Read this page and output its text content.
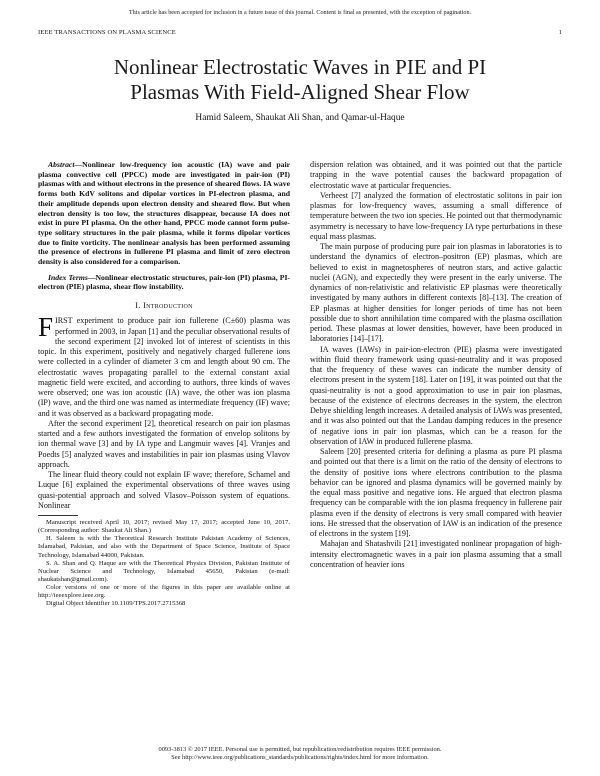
This article has been accepted for inclusion in a future issue of this journal. Content is final as presented, with the exception of pagination.
IEEE TRANSACTIONS ON PLASMA SCIENCE	1
Nonlinear Electrostatic Waves in PIE and PI
Plasmas With Field-Aligned Shear Flow
Hamid Saleem, Shaukat Ali Shan, and Qamar-ul-Haque

Abstract—Nonlinear low-frequency ion acoustic (IA) wave and pair plasma convective cell (PPCC) mode are investigated in pair-ion (PI) plasmas with and without electrons in the presence of sheared flows. IA wave forms both KdV solitons and dipolar vortices in PI-electron plasma, and their amplitude depends upon electron density and sheared flow. But when electron density is too low, the structures disappear, because IA does not exist in pure PI plasma. On the other hand, PPCC mode cannot form pulse-type solitary structures in the pair plasma, while it forms dipolar vortices due to finite vorticity. The nonlinear analysis has been performed assuming the presence of electrons in fullerene PI plasma and limit of zero electron density is also considered for a comparison.

Index Terms—Nonlinear electrostatic structures, pair-ion (PI) plasma, PI-electron (PIE) plasma, shear flow instability.

I. Introduction

FIRST experiment to produce pair ion fullerene (C±60) plasma was performed in 2003, in Japan [1] and the peculiar observational results of the second experiment [2] invoked lot of interest of scientists in this topic. In this experiment, positively and negatively charged fullerene ions were collected in a cylinder of diameter 3 cm and length about 90 cm. The electrostatic waves propagating parallel to the external constant axial magnetic field were excited, and according to authors, three kinds of waves were observed; one was ion acoustic (IA) wave, the other was ion plasma (IP) wave, and the third one was named as intermediate frequency (IF) wave; and it was observed as a backward propagating mode.

After the second experiment [2], theoretical research on pair ion plasmas started and a few authors investigated the formation of envelop solitons by ion thermal wave [3] and by IA type and Langmuir waves [4]. Vranjes and Poedts [5] analyzed waves and instabilities in pair ion plasmas using Vlavov approach.

The linear fluid theory could not explain IF wave; therefore, Schamel and Luque [6] explained the experimental observations of three waves using quasi-potential approach and solved Vlasov–Poisson system of equations. Nonlinear

Manuscript received April 10, 2017; revised May 17, 2017; accepted June 10, 2017. (Corresponding author: Shaukat Ali Shan.)

H. Saleem is with the Theoretical Research Institute Pakistan Academy of Sciences, Islamabad, Pakistan, and also with the Department of Space Science, Institute of Space Technology, Islamabad 44000, Pakistan.

S. A. Shan and Q. Haque are with the Theoretical Physics Division, Pakistan Institute of Nuclear Science and Technology, Islamabad 45650, Pakistan (e-mail: shaukatshan@gmail.com).

Color versions of one or more of the figures in this paper are available online at http://ieeexplore.ieee.org.

Digital Object Identifier 10.1109/TPS.2017.2715368

dispersion relation was obtained, and it was pointed out that the particle trapping in the wave potential causes the backward propagation of electrostatic wave at particular frequencies.

Verheest [7] analyzed the formation of electrostatic solitons in pair ion plasmas for low-frequency waves, assuming a small difference of temperature between the two ion species. He pointed out that thermodynamic asymmetry is necessary to have low-frequency IA type perturbations in these equal mass plasmas.

The main purpose of producing pure pair ion plasmas in laboratories is to understand the dynamics of electron–positron (EP) plasmas, which are believed to exist in magnetospheres of neutron stars, and active galactic nuclei (AGN), and expectedly they were present in the early universe. The dynamics of non-relativistic and relativistic EP plasmas were theoretically investigated by many authors in different contexts [8]–[13]. The creation of EP plasmas at higher densities for longer periods of time has not been possible due to short annihilation time compared with the plasma oscillation period. These plasmas at lower densities, however, have been produced in laboratories [14]–[17].

IA waves (IAWs) in pair-ion-electron (PIE) plasma were investigated within fluid theory framework using quasi-neutrality and it was proposed that the frequency of these waves can indicate the number density of electrons present in the system [18]. Later on [19], it was pointed out that the quasi-neutrality is not a good approximation to use in pair ion plasmas, because of the existence of electrons decreases in the system, the electron Debye shielding length increases. A detailed analysis of IAWs was presented, and it was also pointed out that the Landau damping reduces in the presence of negative ions in pair ion plasmas, which can be a reason for the observation of IAW in produced fullerene plasma.

Saleem [20] presented criteria for defining a plasma as pure PI plasma and pointed out that there is a limit on the ratio of the density of electrons to the density of positive ions where electrons contribution to the plasma behavior can be ignored and plasma dynamics will be governed mainly by the equal mass positive and negative ions. He argued that electron plasma frequency can be comparable with the ion plasma frequency in fullerene pair plasma even if the density of electrons is very small compared with heavier ions. He stressed that the observation of IAW is an indication of the presence of electrons in the system [19].

Mahajan and Shatashvili [21] investigated nonlinear propagation of high-intensity electromagnetic waves in a pair ion plasma assuming that a small concentration of heavier ions

0093-3813 © 2017 IEEE. Personal use is permitted, but republication/redistribution requires IEEE permission.
See http://www.ieee.org/publications_standards/publications/rights/index.html for more information.
